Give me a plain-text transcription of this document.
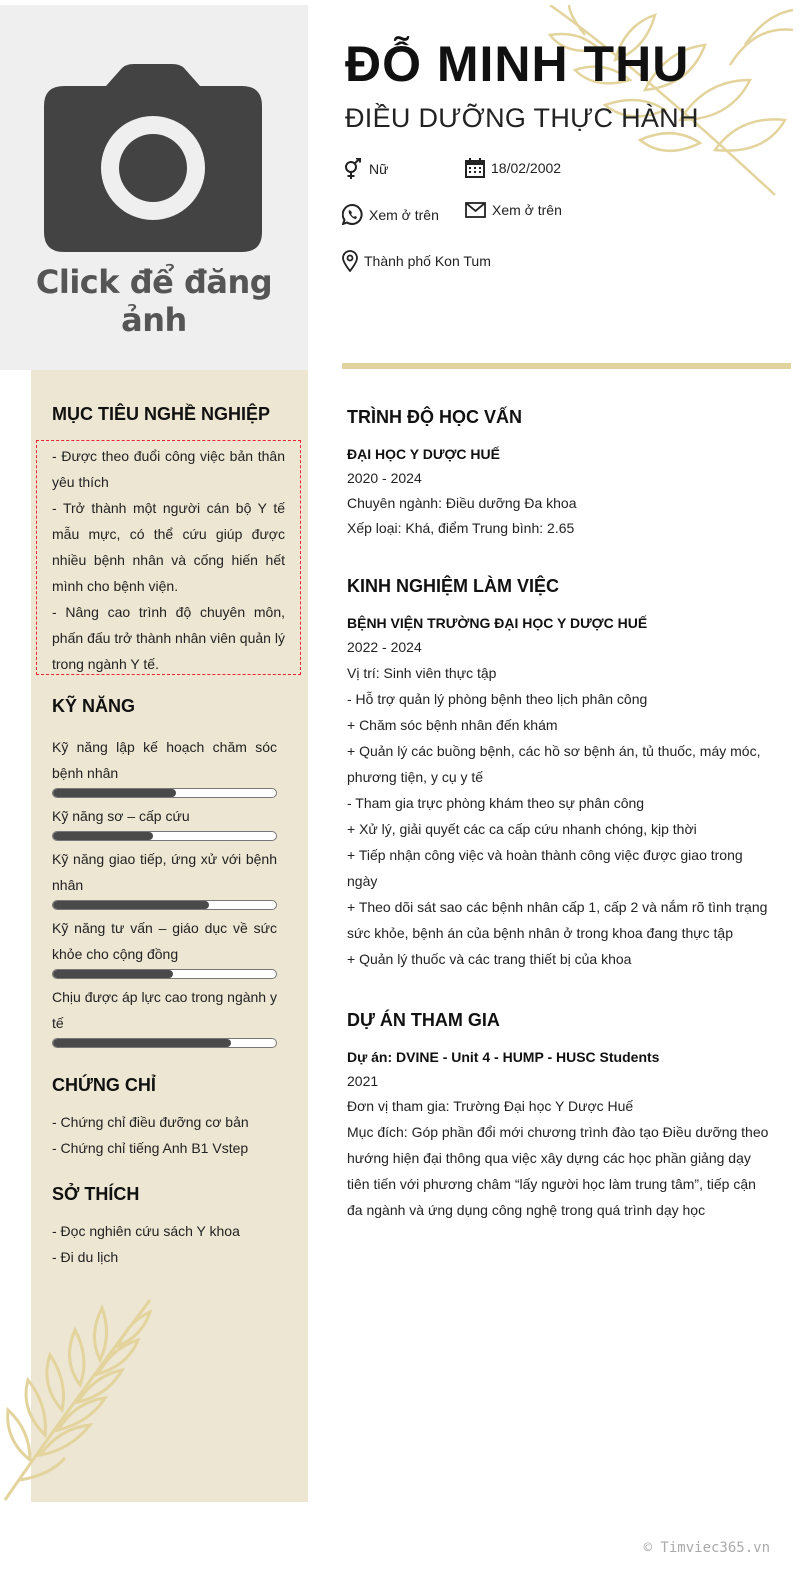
Click để đăng ảnh
ĐỖ MINH THU
ĐIỀU DƯỠNG THỰC HÀNH
Nữ	18/02/2002
Xem ở trên	Xem ở trên
Thành phố Kon Tum
MỤC TIÊU NGHỀ NGHIỆP

- Được theo đuổi công việc bản thân yêu thích

- Trở thành một người cán bộ Y tế mẫu mực, có thể cứu giúp được nhiều bệnh nhân và cống hiến hết mình cho bệnh viện.

- Nâng cao trình độ chuyên môn, phấn đấu trở thành nhân viên quản lý trong ngành Y tế.

KỸ NĂNG
Kỹ năng lập kế hoạch chăm sóc bệnh nhân
Kỹ năng sơ – cấp cứu
Kỹ năng giao tiếp, ứng xử với bệnh nhân
Kỹ năng tư vấn – giáo dục về sức khỏe cho cộng đồng
Chịu được áp lực cao trong ngành y tế
CHỨNG CHỈ
- Chứng chỉ điều đưỡng cơ bản
- Chứng chỉ tiếng Anh B1 Vstep
SỞ THÍCH
- Đọc nghiên cứu sách Y khoa
- Đi du lịch
TRÌNH ĐỘ HỌC VẤN
ĐẠI HỌC Y DƯỢC HUẾ
2020 - 2024
Chuyên ngành: Điều dưỡng Đa khoa
Xếp loại: Khá, điểm Trung bình: 2.65
KINH NGHIỆM LÀM VIỆC
BỆNH VIỆN TRƯỜNG ĐẠI HỌC Y DƯỢC HUẾ
2022 - 2024
Vị trí: Sinh viên thực tập
- Hỗ trợ quản lý phòng bệnh theo lịch phân công
+ Chăm sóc bệnh nhân đến khám
+ Quản lý các buồng bệnh, các hồ sơ bệnh án, tủ thuốc, máy móc, phương tiện, y cụ y tế
- Tham gia trực phòng khám theo sự phân công
+ Xử lý, giải quyết các ca cấp cứu nhanh chóng, kịp thời
+ Tiếp nhận công việc và hoàn thành công việc được giao trong ngày
+ Theo dõi sát sao các bệnh nhân cấp 1, cấp 2 và nắm rõ tình trạng sức khỏe, bệnh án của bệnh nhân ở trong khoa đang thực tập
+ Quản lý thuốc và các trang thiết bị của khoa
DỰ ÁN THAM GIA
Dự án: DVINE - Unit 4 - HUMP - HUSC Students
2021
Đơn vị tham gia: Trường Đại học Y Dược Huế
Mục đích: Góp phần đổi mới chương trình đào tạo Điều dưỡng theo hướng hiện đại thông qua việc xây dựng các học phần giảng dạy tiên tiến với phương châm “lấy người học làm trung tâm”, tiếp cận đa ngành và ứng dụng công nghệ trong quá trình dạy học
© Timviec365.vn
